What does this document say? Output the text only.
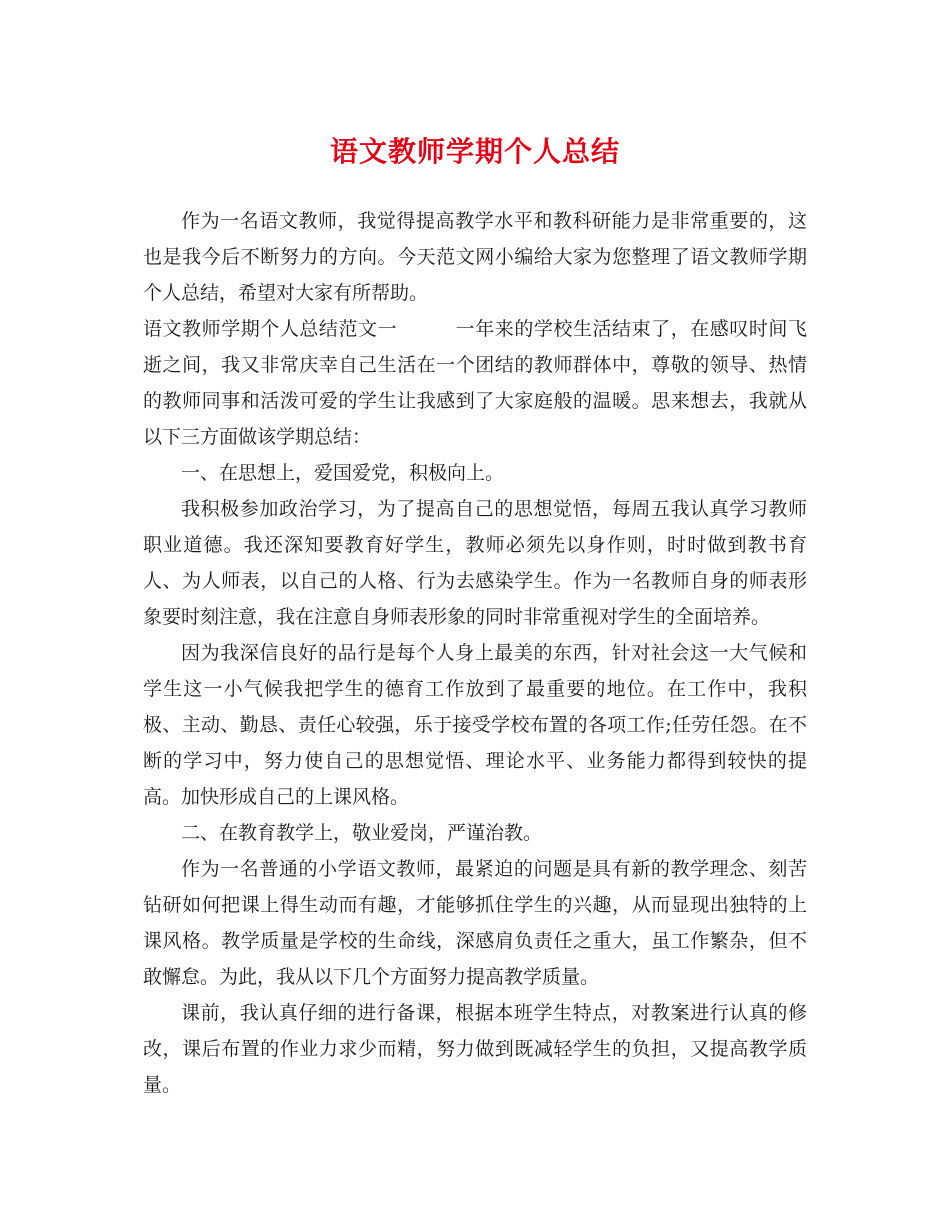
语文教师学期个人总结

作为一名语文教师，我觉得提高教学水平和教科研能力是非常重要的，这也是我今后不断努力的方向。今天范文网小编给大家为您整理了语文教师学期个人总结，希望对大家有所帮助。

语文教师学期个人总结范文一	一年来的学校生活结束了，在感叹时间飞逝之间，我又非常庆幸自己生活在一个团结的教师群体中，尊敬的领导、热情的教师同事和活泼可爱的学生让我感到了大家庭般的温暖。思来想去，我就从以下三方面做该学期总结：

一、在思想上，爱国爱党，积极向上。

我积极参加政治学习，为了提高自己的思想觉悟，每周五我认真学习教师职业道德。我还深知要教育好学生，教师必须先以身作则，时时做到教书育人、为人师表，以自己的人格、行为去感染学生。作为一名教师自身的师表形象要时刻注意，我在注意自身师表形象的同时非常重视对学生的全面培养。

因为我深信良好的品行是每个人身上最美的东西，针对社会这一大气候和学生这一小气候我把学生的德育工作放到了最重要的地位。在工作中，我积极、主动、勤恳、责任心较强，乐于接受学校布置的各项工作;任劳任怨。在不断的学习中，努力使自己的思想觉悟、理论水平、业务能力都得到较快的提高。加快形成自己的上课风格。

二、在教育教学上，敬业爱岗，严谨治教。

作为一名普通的小学语文教师，最紧迫的问题是具有新的教学理念、刻苦钻研如何把课上得生动而有趣，才能够抓住学生的兴趣，从而显现出独特的上课风格。教学质量是学校的生命线，深感肩负责任之重大，虽工作繁杂，但不敢懈怠。为此，我从以下几个方面努力提高教学质量。

课前，我认真仔细的进行备课，根据本班学生特点，对教案进行认真的修改，课后布置的作业力求少而精，努力做到既减轻学生的负担，又提高教学质量。
